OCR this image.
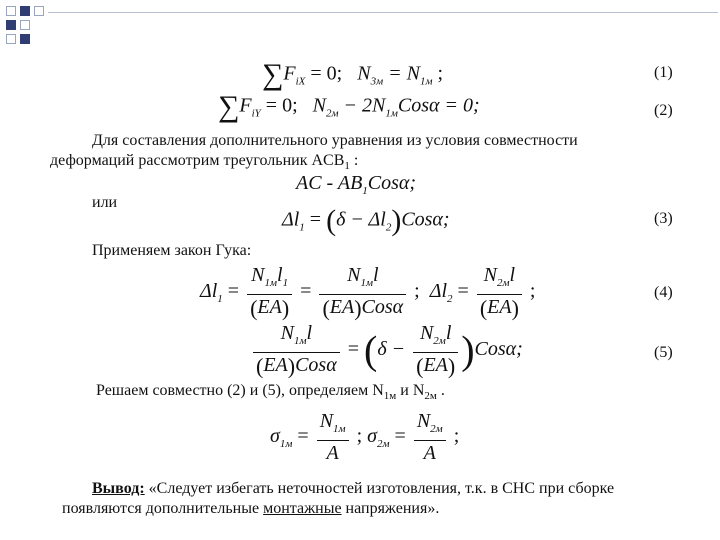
$\sum F_{iX} = 0$; $N_{3м} = N_{1м}$ ;	(1)
$\sum F_{iY} = 0$; $N_{2м} - 2N_{1м}Cos\alpha = 0$;	(2)
Для составления дополнительного уравнения из условия совместности
деформаций рассмотрим треугольник $ACB_1$ :
AC - $AB_1Cos\alpha$;
или
$\Delta l_1 = (\delta - \Delta l_2)Cos\alpha$;	(3)
Применяем закон Гука:
$\Delta l_1 = \frac{N_{1м}l_1}{(EA)} = \frac{N_{1м}l}{\text{(EA)Cosα}}$ ; $\Delta l_2 = \frac{N_{2м}l}{(EA)}$ ;	(4)
$\frac{N_{1м}l}{\text{(EA)Cosα}} = (\delta - \frac{N_{2м}l}{(EA)} )Cos\alpha$;	(5)
Решаем совместно (2) и (5), определяем $N_{1м}$ и $N_{2м}$ .
$\sigma_{1м} = \frac{N_{1м}}{A}$ ; $\sigma_{2м} = \frac{N_{2м}}{A}$ ;
Вывод: «Следует избегать неточностей изготовления, т.к. в СНС при сборке
появляются дополнительные монтажные напряжения».
